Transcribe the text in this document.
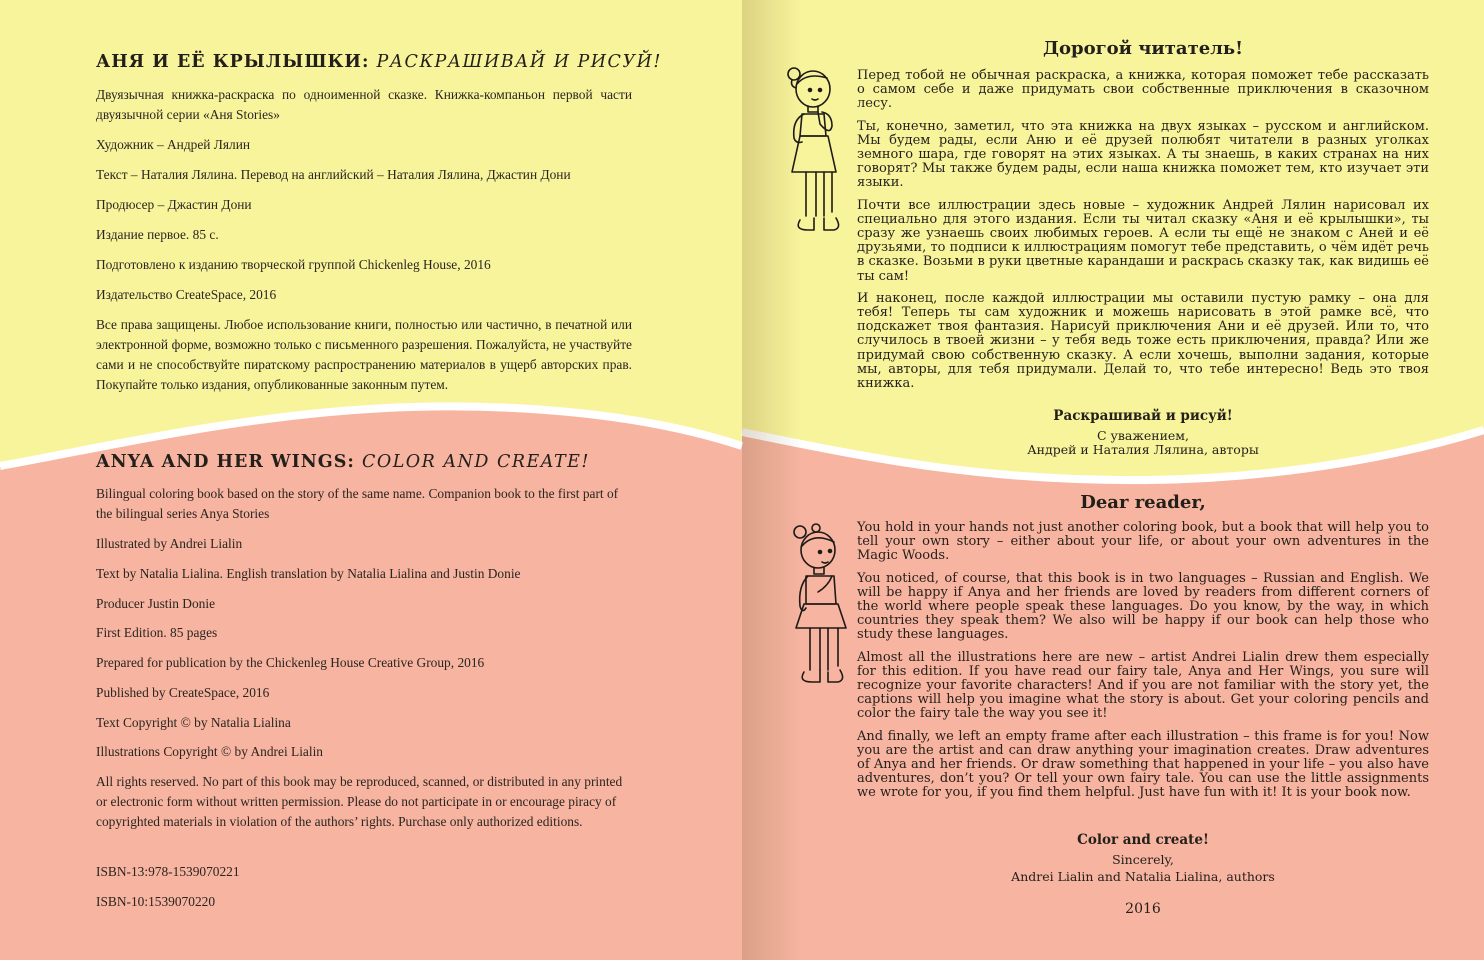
АНЯ И ЕЁ КРЫЛЫШКИ: РАСКРАШИВАЙ И РИСУЙ!

Двуязычная книжка-раскраска по одноименной сказке. Книжка-компаньон первой части двуязычной серии «Аня Stories»

Художник – Андрей Лялин

Текст – Наталия Лялина. Перевод на английский – Наталия Лялина, Джастин Дони

Продюсер – Джастин Дони

Издание первое. 85 с.

Подготовлено к изданию творческой группой Chickenleg House, 2016

Издательство CreateSpace, 2016

Все права защищены. Любое использование книги, полностью или частично, в печатной или электронной форме, возможно только с письменного разрешения. Пожалуйста, не участвуйте сами и не способствуйте пиратскому распространению материалов в ущерб авторских прав. Покупайте только издания, опубликованные законным путем.

ANYA AND HER WINGS: COLOR AND CREATE!

Bilingual coloring book based on the story of the same name. Companion book to the first part of the bilingual series Anya Stories

Illustrated by Andrei Lialin

Text by Natalia Lialina. English translation by Natalia Lialina and Justin Donie

Producer Justin Donie

First Edition. 85 pages

Prepared for publication by the Chickenleg House Creative Group, 2016

Published by CreateSpace, 2016

Text Copyright © by Natalia Lialina

Illustrations Copyright © by Andrei Lialin

All rights reserved. No part of this book may be reproduced, scanned, or distributed in any printed or electronic form without written permission. Please do not participate in or encourage piracy of copyrighted materials in violation of the authors’ rights. Purchase only authorized editions.

ISBN-13:978-1539070221

ISBN-10:1539070220

Дорогой читатель!

Перед тобой не обычная раскраска, а книжка, которая поможет тебе рассказать о самом себе и даже придумать свои собственные приключения в сказочном лесу.

Ты, конечно, заметил, что эта книжка на двух языках – русском и английском. Мы будем рады, если Аню и её друзей полюбят читатели в разных уголках земного шара, где говорят на этих языках. А ты знаешь, в каких странах на них говорят? Мы также будем рады, если наша книжка поможет тем, кто изучает эти языки.

Почти все иллюстрации здесь новые – художник Андрей Лялин нарисовал их специально для этого издания. Если ты читал сказку «Аня и её крылышки», ты сразу же узнаешь своих любимых героев. А если ты ещё не знаком с Аней и её друзьями, то подписи к иллюстрациям помогут тебе представить, о чём идёт речь в сказке. Возьми в руки цветные карандаши и раскрась сказку так, как видишь её ты сам!

И наконец, после каждой иллюстрации мы оставили пустую рамку – она для тебя! Теперь ты сам художник и можешь нарисовать в этой рамке всё, что подскажет твоя фантазия. Нарисуй приключения Ани и её друзей. Или то, что случилось в твоей жизни – у тебя ведь тоже есть приключения, правда? Или же придумай свою собственную сказку. А если хочешь, выполни задания, которые мы, авторы, для тебя придумали. Делай то, что тебе интересно! Ведь это твоя книжка.

Раскрашивай и рисуй!
С уважением,
Андрей и Наталия Лялина, авторы
Dear reader,

You hold in your hands not just another coloring book, but a book that will help you to tell your own story – either about your life, or about your own adventures in the Magic Woods.

You noticed, of course, that this book is in two languages – Russian and English. We will be happy if Anya and her friends are loved by readers from different corners of the world where people speak these languages. Do you know, by the way, in which countries they speak them? We also will be happy if our book can help those who study these languages.

Almost all the illustrations here are new – artist Andrei Lialin drew them especially for this edition. If you have read our fairy tale, Anya and Her Wings, you sure will recognize your favorite characters! And if you are not familiar with the story yet, the captions will help you imagine what the story is about. Get your coloring pencils and color the fairy tale the way you see it!

And finally, we left an empty frame after each illustration – this frame is for you! Now you are the artist and can draw anything your imagination creates. Draw adventures of Anya and her friends. Or draw something that happened in your life – you also have adventures, don’t you? Or tell your own fairy tale. You can use the little assignments we wrote for you, if you find them helpful. Just have fun with it! It is your book now.

Color and create!
Sincerely,
Andrei Lialin and Natalia Lialina, authors
2016
